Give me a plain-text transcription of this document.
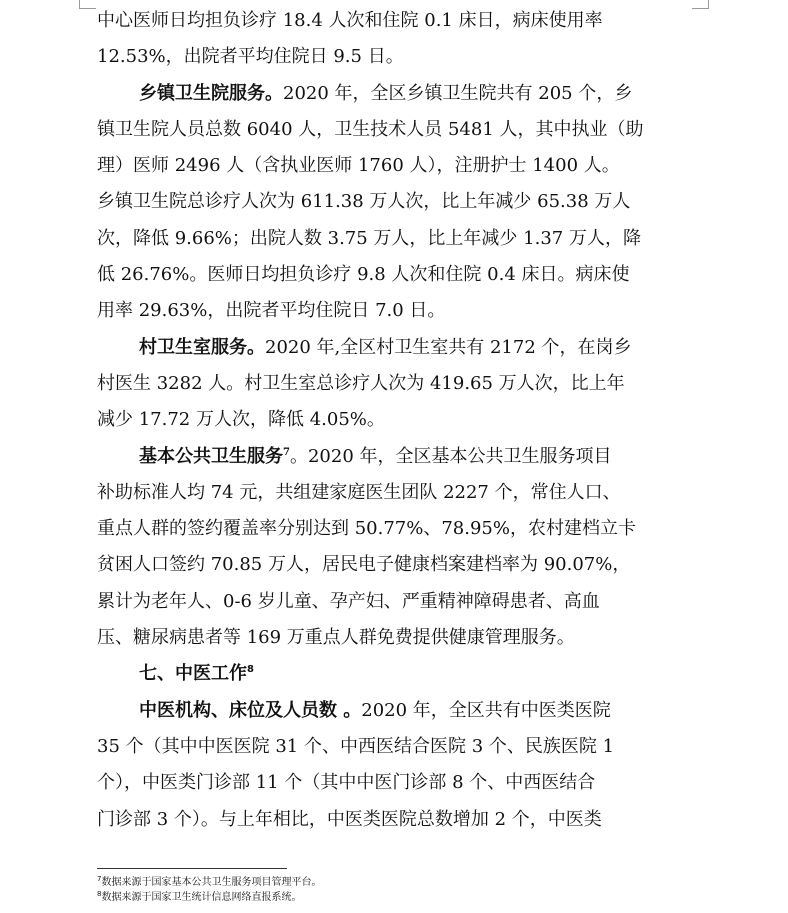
中心医师日均担负诊疗 18.4 人次和住院 0.1 床日，病床使用率
12.53%，出院者平均住院日 9.5 日。
乡镇卫生院服务。2020 年，全区乡镇卫生院共有 205 个，乡
镇卫生院人员总数 6040 人，卫生技术人员 5481 人，其中执业（助
理）医师 2496 人（含执业医师 1760 人），注册护士 1400 人。
乡镇卫生院总诊疗人次为 611.38 万人次，比上年减少 65.38 万人
次，降低 9.66%；出院人数 3.75 万人，比上年减少 1.37 万人，降
低 26.76%。医师日均担负诊疗 9.8 人次和住院 0.4 床日。病床使
用率 29.63%，出院者平均住院日 7.0 日。
村卫生室服务。2020 年,全区村卫生室共有 2172 个，在岗乡
村医生 3282 人。村卫生室总诊疗人次为 419.65 万人次，比上年
减少 17.72 万人次，降低 4.05%。
基本公共卫生服务$^7$。2020 年，全区基本公共卫生服务项目
补助标准人均 74 元，共组建家庭医生团队 2227 个，常住人口、
重点人群的签约覆盖率分别达到 50.77%、78.95%，农村建档立卡
贫困人口签约 70.85 万人，居民电子健康档案建档率为 90.07%，
累计为老年人、0-6 岁儿童、孕产妇、严重精神障碍患者、高血
压、糖尿病患者等 169 万重点人群免费提供健康管理服务。
七、中医工作$^8$
中医机构、床位及人员数 。2020 年，全区共有中医类医院
35 个（其中中医医院 31 个、中西医结合医院 3 个、民族医院 1
个），中医类门诊部 11 个（其中中医门诊部 8 个、中西医结合
门诊部 3 个）。与上年相比，中医类医院总数增加 2 个，中医类
$^7$数据来源于国家基本公共卫生服务项目管理平台。
$^8$数据来源于国家卫生统计信息网络直报系统。
